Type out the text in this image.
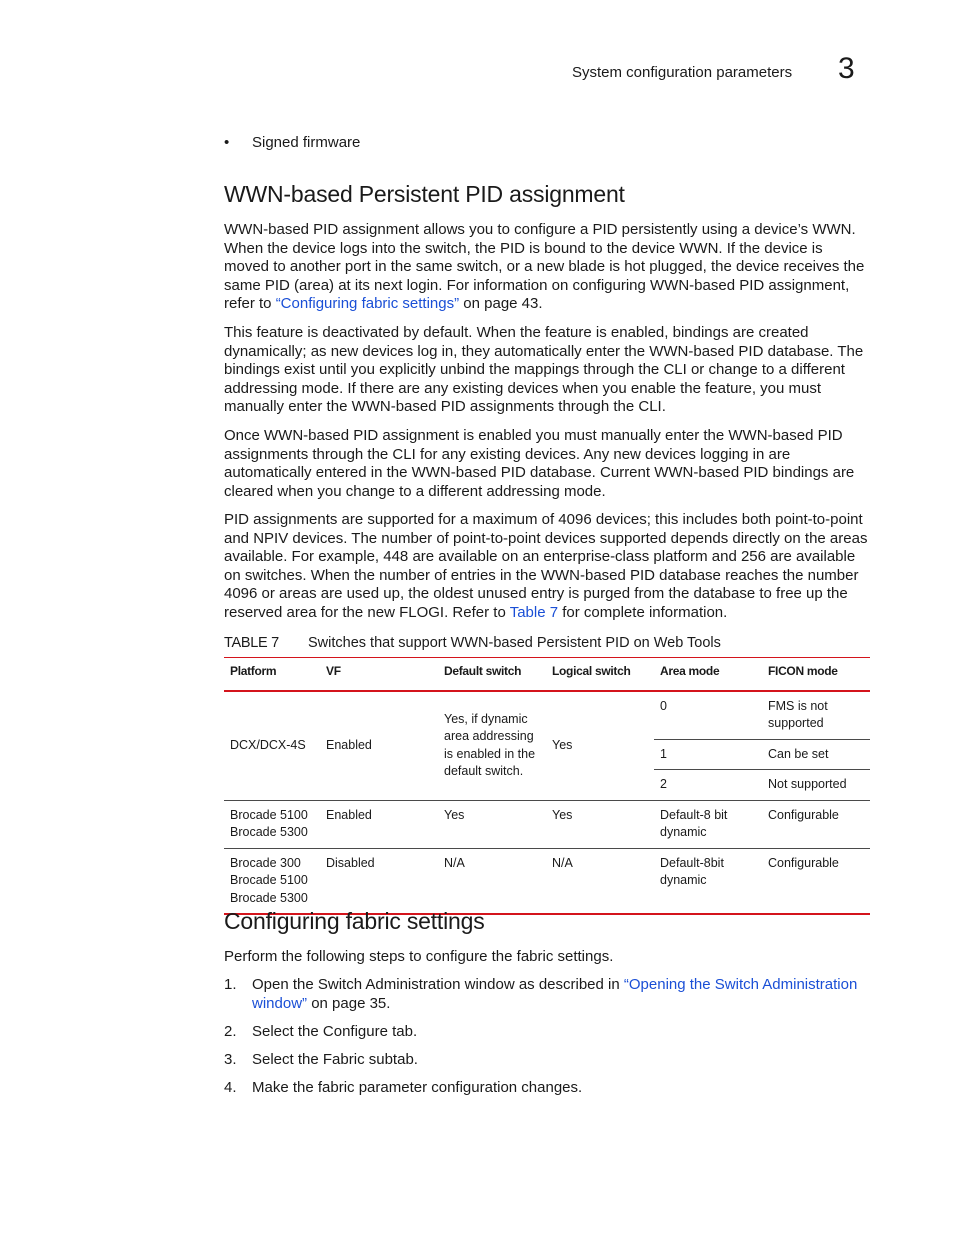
System configuration parameters 3
• Signed firmware
WWN-based Persistent PID assignment

WWN-based PID assignment allows you to configure a PID persistently using a device’s WWN. When the device logs into the switch, the PID is bound to the device WWN. If the device is moved to another port in the same switch, or a new blade is hot plugged, the device receives the same PID (area) at its next login. For information on configuring WWN-based PID assignment, refer to “Configuring fabric settings” on page 43.

This feature is deactivated by default. When the feature is enabled, bindings are created dynamically; as new devices log in, they automatically enter the WWN-based PID database. The bindings exist until you explicitly unbind the mappings through the CLI or change to a different addressing mode. If there are any existing devices when you enable the feature, you must manually enter the WWN-based PID assignments through the CLI.

Once WWN-based PID assignment is enabled you must manually enter the WWN-based PID assignments through the CLI for any existing devices. Any new devices logging in are automatically entered in the WWN-based PID database. Current WWN-based PID bindings are cleared when you change to a different addressing mode.

PID assignments are supported for a maximum of 4096 devices; this includes both point-to-point and NPIV devices. The number of point-to-point devices supported depends directly on the areas available. For example, 448 are available on an enterprise-class platform and 256 are available on switches. When the number of entries in the WWN-based PID database reaches the number 4096 or areas are used up, the oldest unused entry is purged from the database to free up the reserved area for the new FLOGI. Refer to Table 7 for complete information.

TABLE 7 Switches that support WWN-based Persistent PID on Web Tools
Platform	VF	Default switch	Logical switch	Area mode	FICON mode
DCX/DCX-4S	Enabled	Yes, if dynamic area addressing is enabled in the default switch.	Yes	0	FMS is not supported
				1	Can be set
				2	Not supported

Brocade 5100
Brocade 5300	Enabled	Yes	Yes	Default-8 bit dynamic	Configurable

Brocade 300
Brocade 5100
Brocade 5300	Disabled	N/A	N/A	Default-8bit dynamic	Configurable
Configuring fabric settings

Perform the following steps to configure the fabric settings.

1. Open the Switch Administration window as described in “Opening the Switch Administration window” on page 35.
2. Select the Configure tab.
3. Select the Fabric subtab.
4. Make the fabric parameter configuration changes.
